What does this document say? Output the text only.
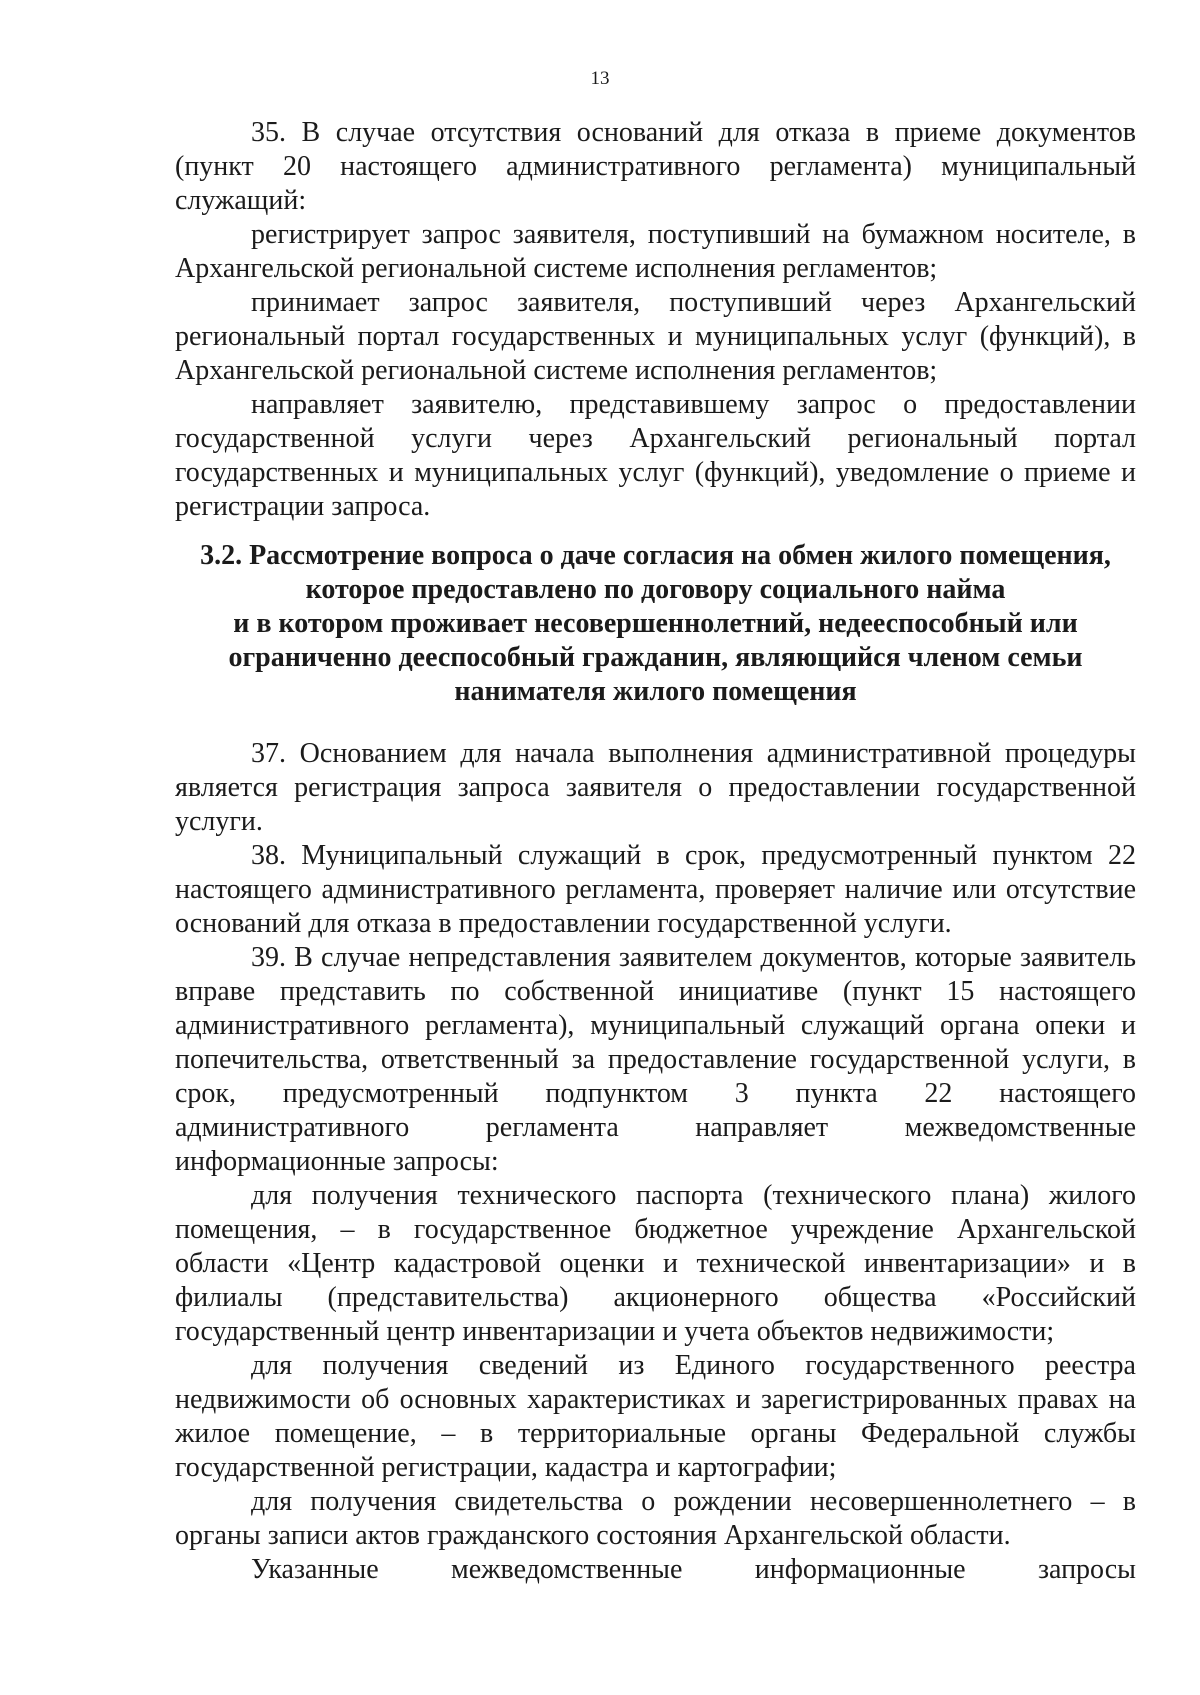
13

35. В случае отсутствия оснований для отказа в приеме документов (пункт 20 настоящего административного регламента) муниципальный служащий:

регистрирует запрос заявителя, поступивший на бумажном носителе, в Архангельской региональной системе исполнения регламентов;

принимает запрос заявителя, поступивший через Архангельский региональный портал государственных и муниципальных услуг (функций), в Архангельской региональной системе исполнения регламентов;

направляет заявителю, представившему запрос о предоставлении государственной услуги через Архангельский региональный портал государственных и муниципальных услуг (функций), уведомление о приеме и регистрации запроса.

3.2. Рассмотрение вопроса о даче согласия на обмен жилого помещения,
которое предоставлено по договору социального найма
и в котором проживает несовершеннолетний, недееспособный или
ограниченно дееспособный гражданин, являющийся членом семьи
нанимателя жилого помещения

37. Основанием для начала выполнения административной процедуры является регистрация запроса заявителя о предоставлении государственной услуги.

38. Муниципальный служащий в срок, предусмотренный пунктом 22 настоящего административного регламента, проверяет наличие или отсутствие оснований для отказа в предоставлении государственной услуги.

39. В случае непредставления заявителем документов, которые заявитель вправе представить по собственной инициативе (пункт 15 настоящего административного регламента), муниципальный служащий органа опеки и попечительства, ответственный за предоставление государственной услуги, в срок, предусмотренный подпунктом 3 пункта 22 настоящего административного регламента направляет межведомственные информационные запросы:

для получения технического паспорта (технического плана) жилого помещения, – в государственное бюджетное учреждение Архангельской области «Центр кадастровой оценки и технической инвентаризации» и в филиалы (представительства) акционерного общества «Российский государственный центр инвентаризации и учета объектов недвижимости;

для получения сведений из Единого государственного реестра недвижимости об основных характеристиках и зарегистрированных правах на жилое помещение, – в территориальные органы Федеральной службы государственной регистрации, кадастра и картографии;

для получения свидетельства о рождении несовершеннолетнего – в органы записи актов гражданского состояния Архангельской области.

Указанные межведомственные информационные запросы
